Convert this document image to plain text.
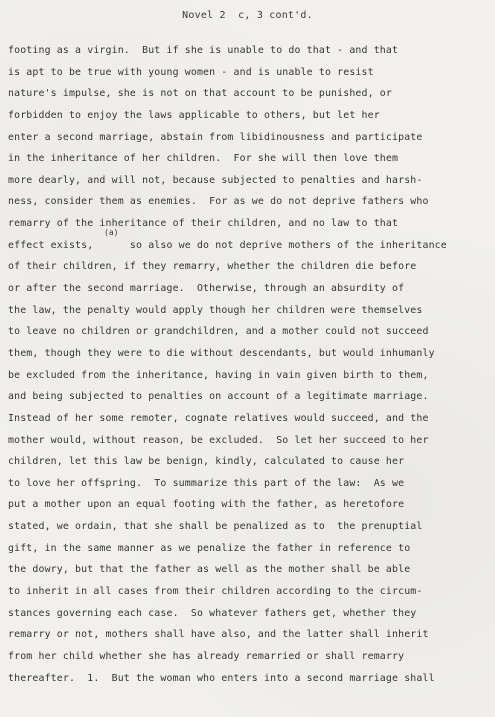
Novel 2  c, 3 cont'd.
(a)
footing as a virgin.  But if she is unable to do that - and that
is apt to be true with young women - and is unable to resist
nature's impulse, she is not on that account to be punished, or
forbidden to enjoy the laws applicable to others, but let her
enter a second marriage, abstain from libidinousness and participate
in the inheritance of her children.  For she will then love them
more dearly, and will not, because subjected to penalties and harsh-
ness, consider them as enemies.  For as we do not deprive fathers who
remarry of the inheritance of their children, and no law to that
effect exists,      so also we do not deprive mothers of the inheritance
of their children, if they remarry, whether the children die before
or after the second marriage.  Otherwise, through an absurdity of
the law, the penalty would apply though her children were themselves
to leave no children or grandchildren, and a mother could not succeed
them, though they were to die without descendants, but would inhumanly
be excluded from the inheritance, having in vain given birth to them,
and being subjected to penalties on account of a legitimate marriage.
Instead of her some remoter, cognate relatives would succeed, and the
mother would, without reason, be excluded.  So let her succeed to her
children, let this law be benign, kindly, calculated to cause her
to love her offspring.  To summarize this part of the law:  As we
put a mother upon an equal footing with the father, as heretofore
stated, we ordain, that she shall be penalized as to  the prenuptial
gift, in the same manner as we penalize the father in reference to
the dowry, but that the father as well as the mother shall be able
to inherit in all cases from their children according to the circum-
stances governing each case.  So whatever fathers get, whether they
remarry or not, mothers shall have also, and the latter shall inherit
from her child whether she has already remarried or shall remarry
thereafter.  1.  But the woman who enters into a second marriage shall
